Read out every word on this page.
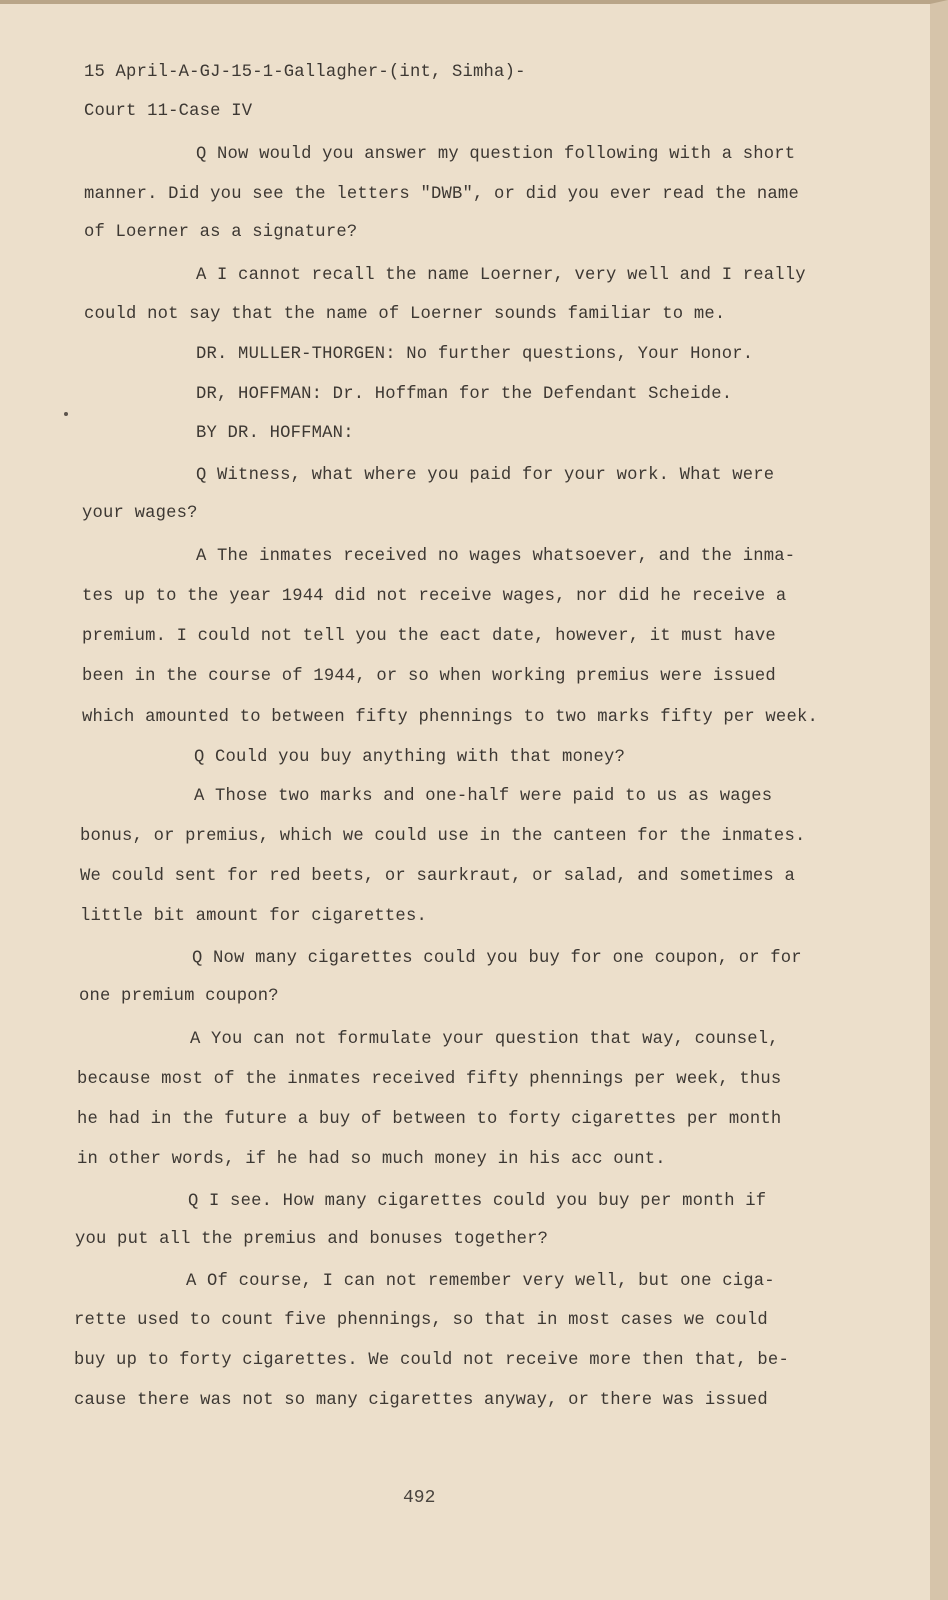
15 April-A-GJ-15-1-Gallagher-(int, Simha)-
Court 11-Case IV
Q Now would you answer my question following with a short
manner. Did you see the letters "DWB", or did you ever read the name
of Loerner as a signature?
A I cannot recall the name Loerner, very well and I really
could not say that the name of Loerner sounds familiar to me.
DR. MULLER-THORGEN: No further questions, Your Honor.
DR, HOFFMAN: Dr. Hoffman for the Defendant Scheide.
BY DR. HOFFMAN:
Q Witness, what where you paid for your work. What were
your wages?
A The inmates received no wages whatsoever, and the inma-
tes up to the year 1944 did not receive wages, nor did he receive a
premium. I could not tell you the eact date, however, it must have
been in the course of 1944, or so when working premius were issued
which amounted to between fifty phennings to two marks fifty per week.
Q Could you buy anything with that money?
A Those two marks and one-half were paid to us as wages
bonus, or premius, which we could use in the canteen for the inmates.
We could sent for red beets, or saurkraut, or salad, and sometimes a
little bit amount for cigarettes.
Q Now many cigarettes could you buy for one coupon, or for
one premium coupon?
A You can not formulate your question that way, counsel,
because most of the inmates received fifty phennings per week, thus
he had in the future a buy of between to forty cigarettes per month
in other words, if he had so much money in his acc ount.
Q I see. How many cigarettes could you buy per month if
you put all the premius and bonuses together?
A Of course, I can not remember very well, but one ciga-
rette used to count five phennings, so that in most cases we could
buy up to forty cigarettes. We could not receive more then that, be-
cause there was not so many cigarettes anyway, or there was issued
492
